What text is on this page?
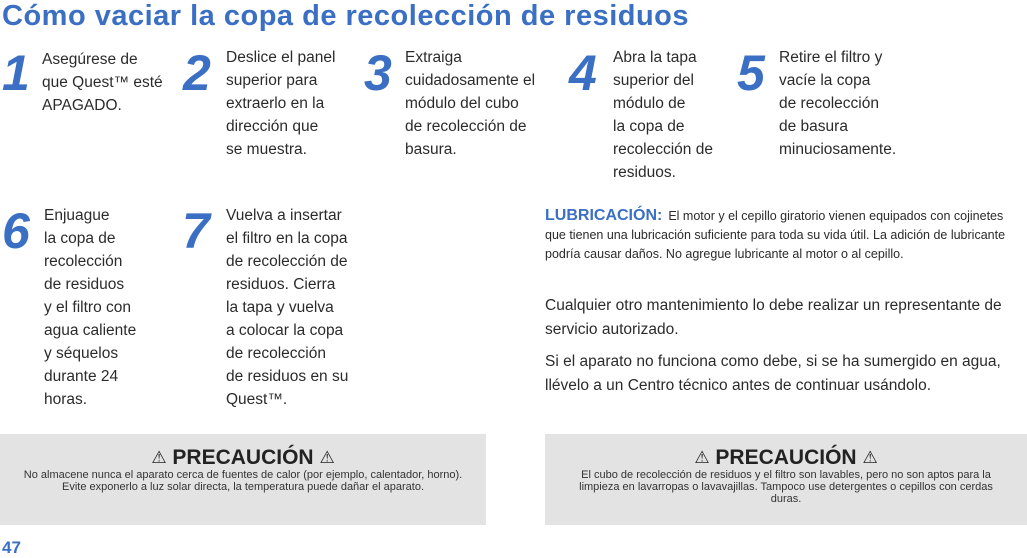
Cómo vaciar la copa de recolección de residuos
1 Asegúrese de
que Quest™ esté
APAGADO.
2 Deslice el panel
superior para
extraerlo en la
dirección que
se muestra.
3 Extraiga
cuidadosamente el
módulo del cubo
de recolección de
basura.
4 Abra la tapa
superior del
módulo de
la copa de
recolección de
residuos.
5 Retire el filtro y
vacíe la copa
de recolección
de basura
minuciosamente.
6 Enjuague
la copa de
recolección
de residuos
y el filtro con
agua caliente
y séquelos
durante 24
horas.
7 Vuelva a insertar
el filtro en la copa
de recolección de
residuos. Cierra
la tapa y vuelva
a colocar la copa
de recolección
de residuos en su
Quest™.
LUBRICACIÓN: El motor y el cepillo giratorio vienen equipados con cojinetes que tienen una lubricación suficiente para toda su vida útil. La adición de lubricante podría causar daños. No agregue lubricante al motor o al cepillo.
Cualquier otro mantenimiento lo debe realizar un representante de servicio autorizado.
Si el aparato no funciona como debe, si se ha sumergido en agua, llévelo a un Centro técnico antes de continuar usándolo.
⚠ PRECAUCIÓN ⚠
No almacene nunca el aparato cerca de fuentes de calor (por ejemplo, calentador, horno). Evite exponerlo a luz solar directa, la temperatura puede dañar el aparato.
⚠ PRECAUCIÓN ⚠
El cubo de recolección de residuos y el filtro son lavables, pero no son aptos para la limpieza en lavarropas o lavavajillas. Tampoco use detergentes o cepillos con cerdas duras.
47
